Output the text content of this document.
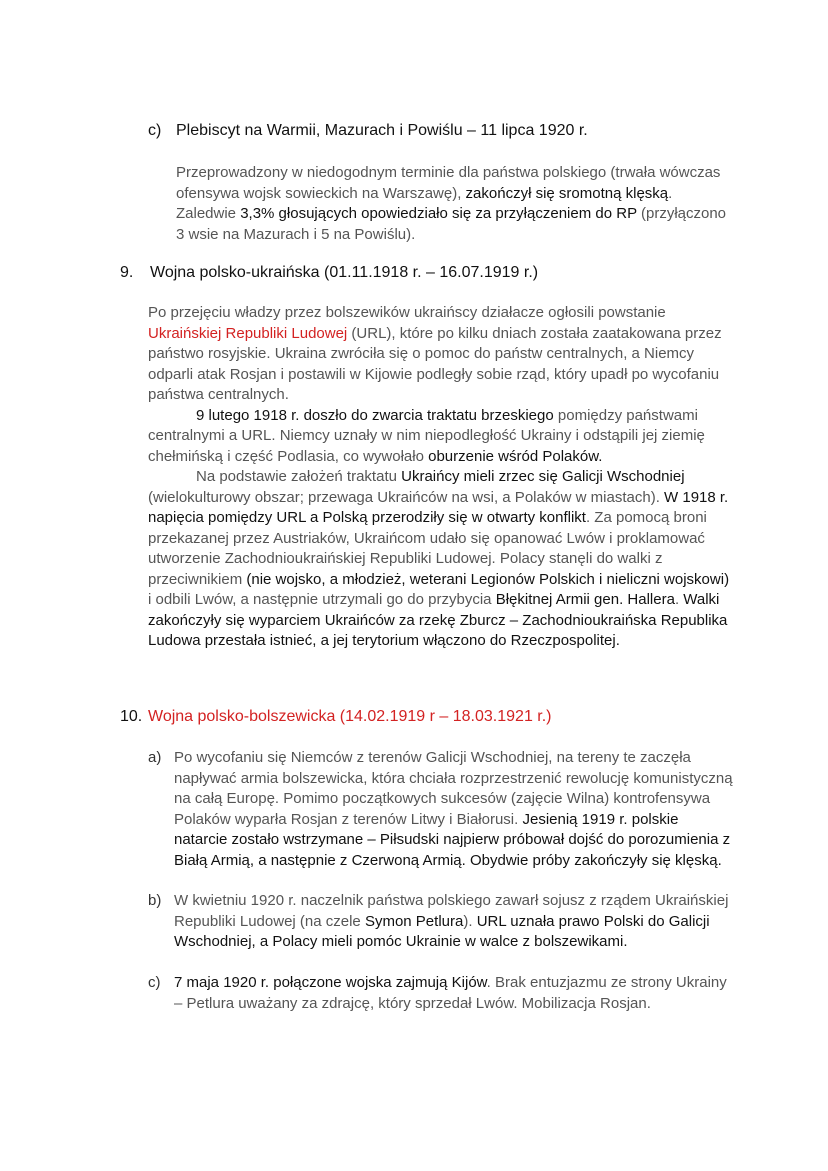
c) Plebiscyt na Warmii, Mazurach i Powiślu – 11 lipca 1920 r.

Przeprowadzony w niedogodnym terminie dla państwa polskiego (trwała wówczas ofensywa wojsk sowieckich na Warszawę), zakończył się sromotną klęską. Zaledwie 3,3% głosujących opowiedziało się za przyłączeniem do RP (przyłączono 3 wsie na Mazurach i 5 na Powiślu).

9. Wojna polsko-ukraińska (01.11.1918 r. – 16.07.1919 r.)

Po przejęciu władzy przez bolszewików ukraińscy działacze ogłosili powstanie Ukraińskiej Republiki Ludowej (URL), które po kilku dniach została zaatakowana przez państwo rosyjskie. Ukraina zwróciła się o pomoc do państw centralnych, a Niemcy odparli atak Rosjan i postawili w Kijowie podległy sobie rząd, który upadł po wycofaniu państwa centralnych.

9 lutego 1918 r. doszło do zwarcia traktatu brzeskiego pomiędzy państwami centralnymi a URL. Niemcy uznały w nim niepodległość Ukrainy i odstąpili jej ziemię chełmińską i część Podlasia, co wywołało oburzenie wśród Polaków.

Na podstawie założeń traktatu Ukraińcy mieli zrzec się Galicji Wschodniej (wielokulturowy obszar; przewaga Ukraińców na wsi, a Polaków w miastach). W 1918 r. napięcia pomiędzy URL a Polską przerodziły się w otwarty konflikt. Za pomocą broni przekazanej przez Austriaków, Ukraińcom udało się opanować Lwów i proklamować utworzenie Zachodnioukraińskiej Republiki Ludowej. Polacy stanęli do walki z przeciwnikiem (nie wojsko, a młodzież, weterani Legionów Polskich i nieliczni wojskowi) i odbili Lwów, a następnie utrzymali go do przybycia Błękitnej Armii gen. Hallera. Walki zakończyły się wyparciem Ukraińców za rzekę Zburcz – Zachodnioukraińska Republika Ludowa przestała istnieć, a jej terytorium włączono do Rzeczpospolitej.

10. Wojna polsko-bolszewicka (14.02.1919 r – 18.03.1921 r.)
a) Po wycofaniu się Niemców z terenów Galicji Wschodniej, na tereny te zaczęła napływać armia bolszewicka, która chciała rozprzestrzenić rewolucję komunistyczną na całą Europę. Pomimo początkowych sukcesów (zajęcie Wilna) kontrofensywa Polaków wyparła Rosjan z terenów Litwy i Białorusi. Jesienią 1919 r. polskie natarcie zostało wstrzymane – Piłsudski najpierw próbował dojść do porozumienia z Białą Armią, a następnie z Czerwoną Armią. Obydwie próby zakończyły się klęską.

b) W kwietniu 1920 r. naczelnik państwa polskiego zawarł sojusz z rządem Ukraińskiej Republiki Ludowej (na czele Symon Petlura). URL uznała prawo Polski do Galicji Wschodniej, a Polacy mieli pomóc Ukrainie w walce z bolszewikami.

c) 7 maja 1920 r. połączone wojska zajmują Kijów. Brak entuzjazmu ze strony Ukrainy – Petlura uważany za zdrajcę, który sprzedał Lwów. Mobilizacja Rosjan.
